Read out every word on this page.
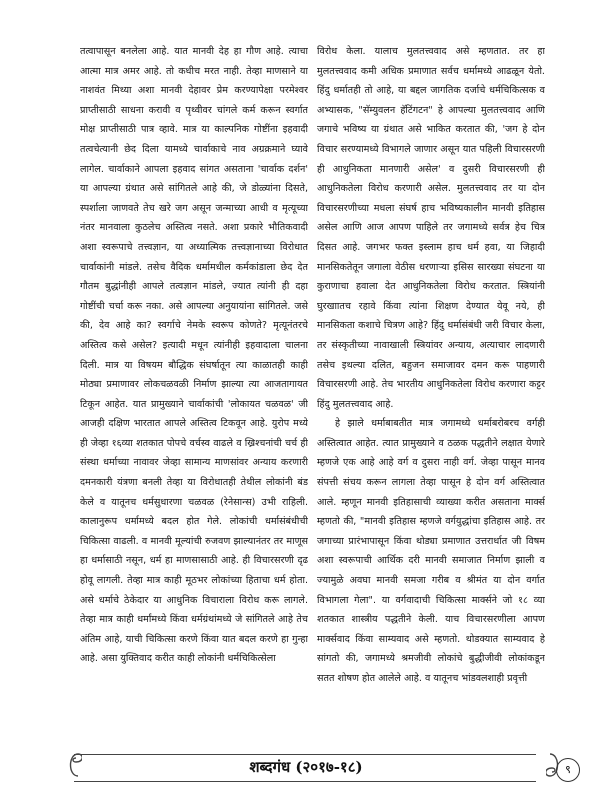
तत्वापासून बनलेला आहे. यात मानवी देह हा गौण आहे. त्याचा आत्मा मात्र अमर आहे. तो कधीच मरत नाही. तेव्हा माणसाने या नाशवंत मिथ्या अशा मानवी देहावर प्रेम करण्यापेक्षा परमेश्वर प्राप्तीसाठी साधना करावी व पृथ्वीवर चांगले कर्म करून स्वर्गात मोक्ष प्राप्तीसाठी पात्र व्हावे. मात्र या काल्पनिक गोष्टींना इहवादी तत्वचेत्यानी छेद दिला यामध्ये चार्वाकाचे नाव अग्रक्रमाने घ्यावे लागेल. चार्वाकाने आपला इहवाद सांगत असताना 'चार्वाक दर्शन' या आपल्या ग्रंथात असे सांगितले आहे की, जे डोळ्यांना दिसते, स्पर्शाला जाणवते तेच खरे जग असून जन्माच्या आधी व मृत्यूच्या नंतर मानवाला कुठलेच अस्तित्व नसते. अशा प्रकारे भौतिकवादी अशा स्वरूपाचे तत्त्वज्ञान, या अध्यात्मिक तत्त्वज्ञानाच्या विरोधात चार्वाकांनी मांडले. तसेच वैदिक धर्मामधील कर्मकांडाला छेद देत गौतम बुद्धांनीही आपले तत्वज्ञान मांडले, ज्यात त्यांनी ही दहा गोष्टींची चर्चा करू नका. असे आपल्या अनुयायांना सांगितले. जसे की, देव आहे का? स्वर्गाचे नेमके स्वरूप कोणते? मृत्यूनंतरचे अस्तित्व कसे असेल? इत्यादी मधून त्यांनीही इहवादाला चालना दिली. मात्र या विषयम बौद्धिक संघर्षातून त्या काळातही काही मोठ्या प्रमाणावर लोकचळवळी निर्माण झाल्या त्या आजतागायत टिकून आहेत. यात प्रामुख्याने चार्वाकांची 'लोकायत चळवळ' जी आजही दक्षिण भारतात आपले अस्तित्व टिकवून आहे. युरोप मध्ये ही जेव्हा १६व्या शतकात पोपचे वर्चस्व वाढले व ख्रिश्चनांची चर्च ही संस्था धर्माच्या नावावर जेव्हा सामान्य माणसांवर अन्याय करणारी दमनकारी यंत्रणा बनली तेव्हा या विरोधातही तेथील लोकांनी बंड केले व यातूनच धर्मसुधारणा चळवळ (रेनेसान्स) उभी राहिली. कालानुरूप धर्मामध्ये बदल होत गेले. लोकांची धर्मासंबंधीची चिकित्सा वाढली. व मानवी मूल्यांची रुजवण झाल्यानंतर तर माणूस हा धर्मासाठी नसून, धर्म हा माणसासाठी आहे. ही विचारसरणी दृढ होवू लागली. तेव्हा मात्र काही मूठभर लोकांच्या हिताचा धर्म होता. असे धर्माचे ठेकेदार या आधुनिक विचाराला विरोध करू लागले. तेव्हा मात्र काही धर्मांमध्ये किंवा धर्मग्रंथांमध्ये जे सांगितले आहे तेच अंतिम आहे, याची चिकित्सा करणे किंवा यात बदल करणे हा गुन्हा आहे. असा युक्तिवाद करीत काही लोकांनी धर्मचिकित्सेला

विरोध केला. यालाच मुलतत्त्ववाद असे म्हणतात. तर हा मुलतत्त्ववाद कमी अधिक प्रमाणात सर्वच धर्मामध्ये आढळून येतो. हिंदु धर्मातही तो आहे, या बद्दल जागतिक दर्जाचे धर्मचिकित्सक व अभ्यासक, "सॅम्युवलन हॅटिंगटन" हे आपल्या मुलतत्त्ववाद आणि जगाचे भविष्य या ग्रंथात असे भाकित करतात की, 'जग हे दोन विचार सरण्यामध्ये विभागले जाणार असून यात पहिली विचारसरणी ही आधुनिकता मानणारी असेल' व दुसरी विचारसरणी ही आधुनिकतेला विरोध करणारी असेल. मुलतत्त्ववाद तर या दोन विचारसरणीच्या मधला संघर्ष हाच भविष्यकालीन मानवी इतिहास असेल आणि आज आपण पाहिले तर जगामध्ये सर्वत्र हेच चित्र दिसत आहे. जगभर फक्त इस्लाम हाच धर्म हवा, या जिहादी मानसिकतेतून जगाला वेठीस धरणाऱ्या इसिस सारख्या संघटना या कुराणाचा हवाला देत आधुनिकतेला विरोध करतात. स्त्रियांनी घुरखाातच रहावे किंवा त्यांना शिक्षण देण्यात येवू नये, ही मानसिकता कशाचे चित्रण आहे? हिंदु धर्मासंबंधी जरी विचार केला, तर संस्कृतीच्या नावाखाली स्त्रियांवर अन्याय, अत्याचार लादणारी तसेच इथल्या दलित, बहुजन समाजावर दमन करू पाहणारी विचारसरणी आहे. तेच भारतीय आधुनिकतेला विरोध करणारा कट्टर हिंदु मुलतत्त्ववाद आहे.

हे झाले धर्माबाबतीत मात्र जगामध्ये धर्माबरोबरच वर्गही अस्तित्वात आहेत. त्यात प्रामुख्याने व ठळक पद्धतीने लक्षात येणारे म्हणजे एक आहे आहे वर्ग व दुसरा नाही वर्ग. जेव्हा पासून मानव संपत्ती संचय करून लागला तेव्हा पासून हे दोन वर्ग अस्तित्वात आले. म्हणून मानवी इतिहासाची व्याख्या करीत असताना मार्क्स म्हणतो की, "मानवी इतिहास म्हणजे वर्गयुद्धांचा इतिहास आहे. तर जगाच्या प्रारंभापासून किंवा थोड्या प्रमाणात उत्तरार्धात जी विषम अशा स्वरूपाची आर्थिक दरी मानवी समाजात निर्माण झाली व ज्यामुळे अवघा मानवी समजा गरीब व श्रीमंत या दोन वर्गात विभागला गेला". या वर्गवादाची चिकित्सा मार्क्सने जो १८ व्या शतकात शास्त्रीय पद्धतीने केली. याच विचारसरणीला आपण मार्क्सवाद किंवा साम्यवाद असे म्हणतो. थोडक्यात साम्यवाद हे सांगतो की, जगामध्ये श्रमजीवी लोकांचे बुद्धीजीवी लोकांकडून सतत शोषण होत आलेले आहे. व यातूनच भांडवलशाही प्रवृत्ती

शब्दगंध (२०१७-१८)	९
